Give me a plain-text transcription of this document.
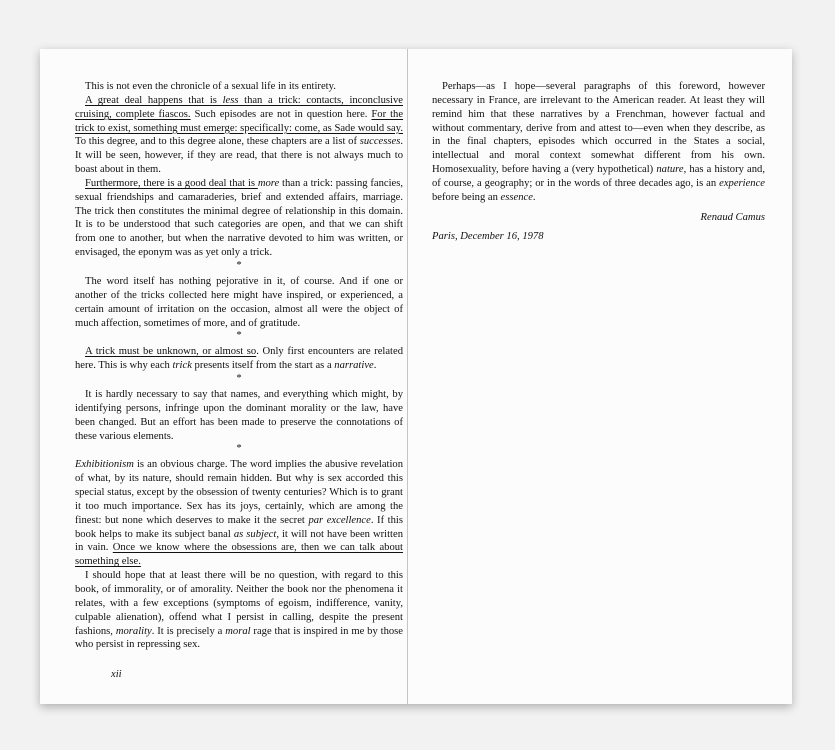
This is not even the chronicle of a sexual life in its entirety.

A great deal happens that is less than a trick: contacts, inconclusive cruising, complete fiascos. Such episodes are not in question here. For the trick to exist, something must emerge: specifically: come, as Sade would say. To this degree, and to this degree alone, these chapters are a list of successes. It will be seen, however, if they are read, that there is not always much to boast about in them.

Furthermore, there is a good deal that is more than a trick: passing fancies, sexual friendships and camaraderies, brief and extended affairs, marriage. The trick then constitutes the minimal degree of relationship in this domain. It is to be understood that such categories are open, and that we can shift from one to another, but when the narrative devoted to him was written, or envisaged, the eponym was as yet only a trick.

*

The word itself has nothing pejorative in it, of course. And if one or another of the tricks collected here might have inspired, or experienced, a certain amount of irritation on the occasion, almost all were the object of much affection, sometimes of more, and of gratitude.

*

A trick must be unknown, or almost so. Only first encounters are related here. This is why each trick presents itself from the start as a narrative.

*

It is hardly necessary to say that names, and everything which might, by identifying persons, infringe upon the dominant morality or the law, have been changed. But an effort has been made to preserve the connotations of these various elements.

*

Exhibitionism is an obvious charge. The word implies the abusive revelation of what, by its nature, should remain hidden. But why is sex accorded this special status, except by the obsession of twenty centuries? Which is to grant it too much importance. Sex has its joys, certainly, which are among the finest: but none which deserves to make it the secret par excellence. If this book helps to make its subject banal as subject, it will not have been written in vain. Once we know where the obsessions are, then we can talk about something else.

I should hope that at least there will be no question, with regard to this book, of immorality, or of amorality. Neither the book nor the phenomena it relates, with a few exceptions (symptoms of egoism, indifference, vanity, culpable alienation), offend what I persist in calling, despite the present fashions, morality. It is precisely a moral rage that is inspired in me by those who persist in repressing sex.

xii

Perhaps—as I hope—several paragraphs of this foreword, however necessary in France, are irrelevant to the American reader. At least they will remind him that these narratives by a Frenchman, however factual and without commentary, derive from and attest to—even when they describe, as in the final chapters, episodes which occurred in the States a social, intellectual and moral context somewhat different from his own. Homosexuality, before having a (very hypothetical) nature, has a history and, of course, a geography; or in the words of three decades ago, is an experience before being an essence.

Renaud Camus
Paris, December 16, 1978
